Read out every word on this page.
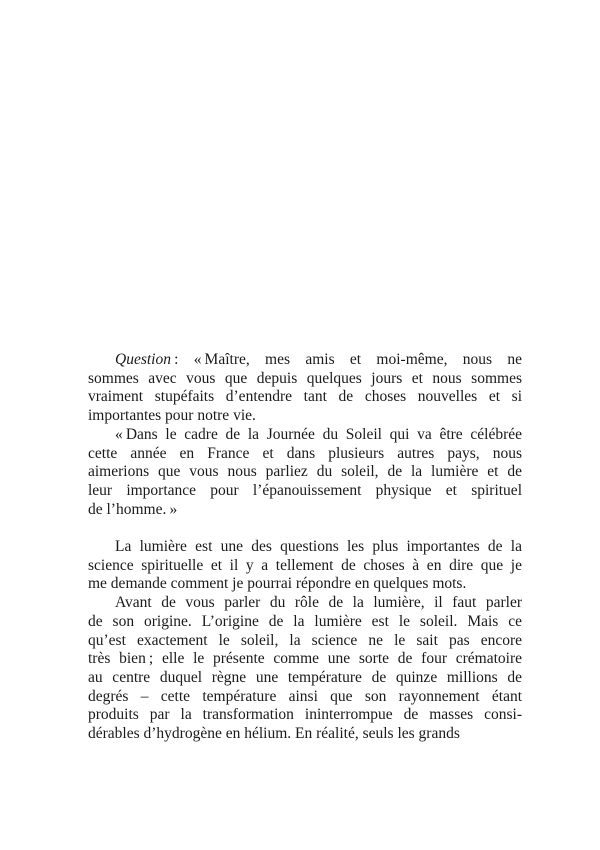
Question : « Maître, mes amis et moi-même, nous ne
sommes avec vous que depuis quelques jours et nous sommes
vraiment stupéfaits d’entendre tant de choses nouvelles et si
importantes pour notre vie.
« Dans le cadre de la Journée du Soleil qui va être célébrée
cette année en France et dans plusieurs autres pays, nous
aimerions que vous nous parliez du soleil, de la lumière et de
leur importance pour l’épanouissement physique et spirituel
de l’homme. »
La lumière est une des questions les plus importantes de la
science spirituelle et il y a tellement de choses à en dire que je
me demande comment je pourrai répondre en quelques mots.
Avant de vous parler du rôle de la lumière, il faut parler
de son origine. L’origine de la lumière est le soleil. Mais ce
qu’est exactement le soleil, la science ne le sait pas encore
très bien ; elle le présente comme une sorte de four crématoire
au centre duquel règne une température de quinze millions de
degrés – cette température ainsi que son rayonnement étant
produits par la transformation ininterrompue de masses consi-
dérables d’hydrogène en hélium. En réalité, seuls les grands
